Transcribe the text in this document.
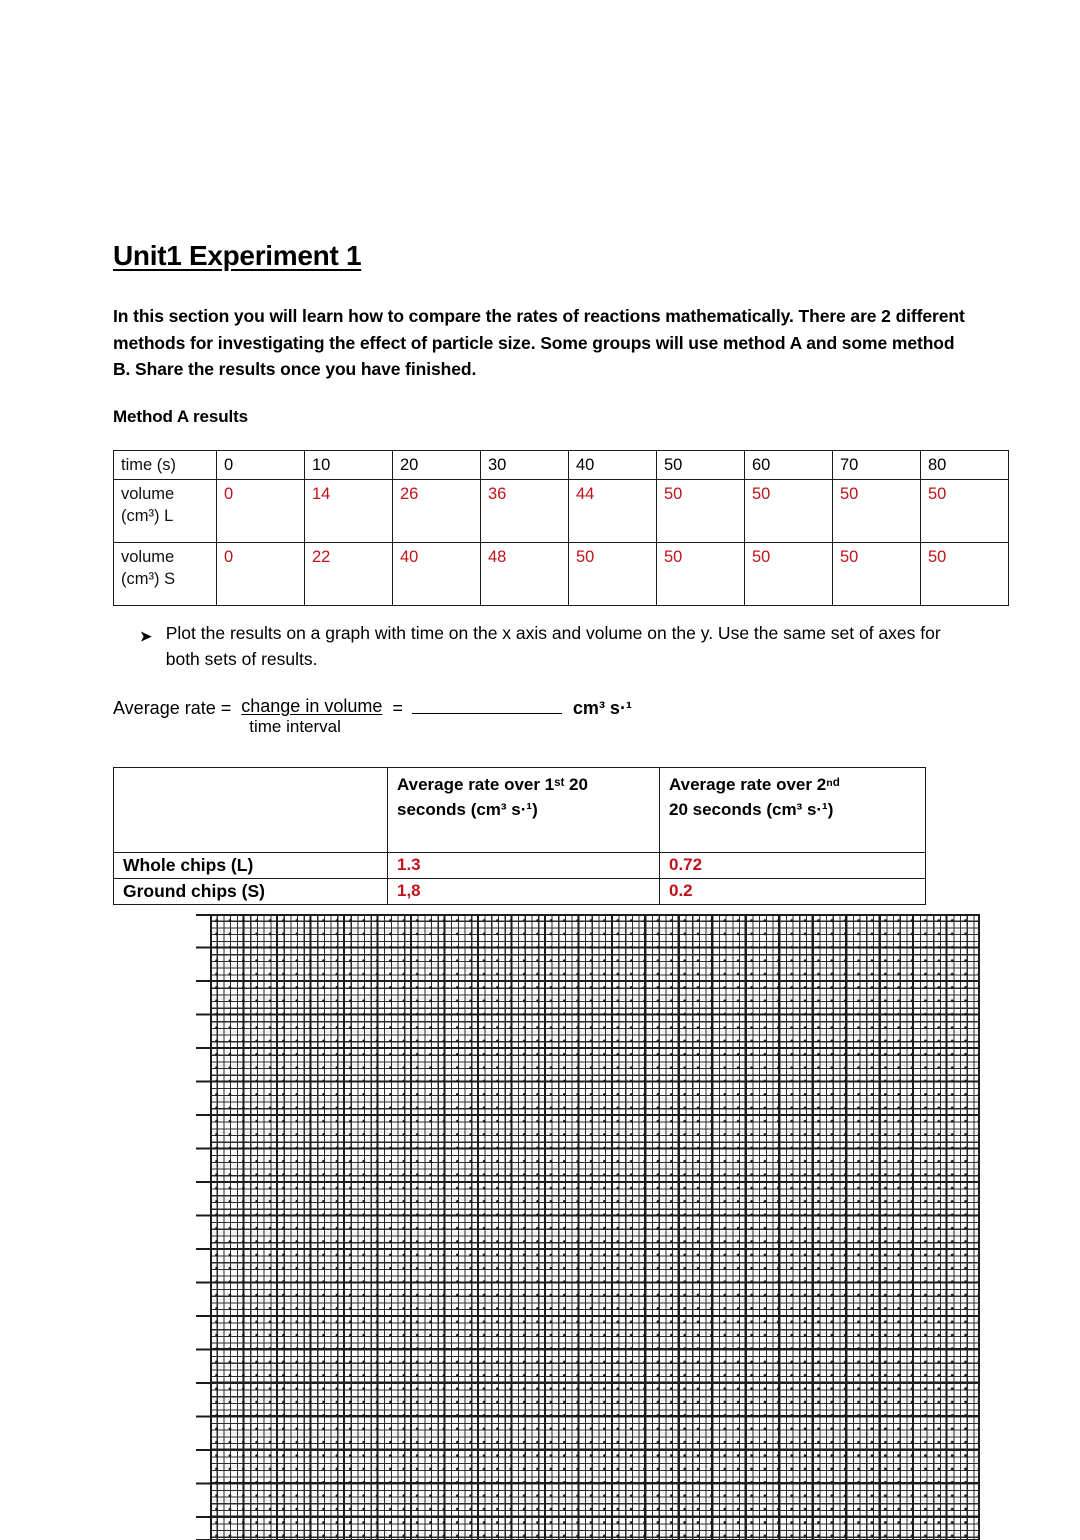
Unit1 Experiment 1
In this section you will learn how to compare the rates of reactions mathematically. There are 2 different methods for investigating the effect of particle size. Some groups will use method A and some method B. Share the results once you have finished.
Method A results
time (s)	0	10	20	30	40	50	60	70	80
volume
(cm³) L	0	14	26	36	44	50	50	50	50
volume
(cm³) S	0	22	40	48	50	50	50	50	50
➤ Plot the results on a graph with time on the x axis and volume on the y. Use the same set of axes for both sets of results.
Average rate = $\frac{\text{change in volume}}{\text{time interval}}$ =	cm³ s·¹
	Average rate over 1ˢᵗ 20
seconds (cm³ s·¹)	Average rate over 2ⁿᵈ
20 seconds (cm³ s·¹)
Whole chips (L)	1.3	0.72
Ground chips (S)	1,8	0.2
